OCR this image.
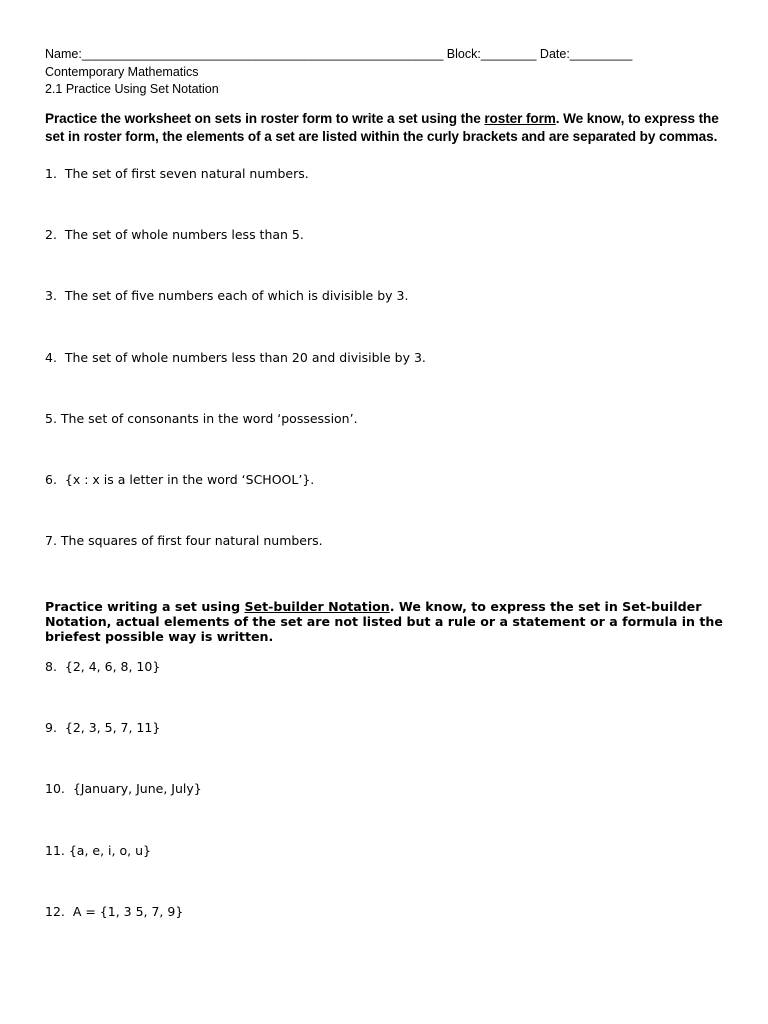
Name:____________________________________________________ Block:________ Date:_________
Contemporary Mathematics
2.1 Practice Using Set Notation
Practice the worksheet on sets in roster form to write a set using the roster form. We know, to express the set in roster form, the elements of a set are listed within the curly brackets and are separated by commas.
1.  The set of first seven natural numbers.
2.  The set of whole numbers less than 5.
3.  The set of five numbers each of which is divisible by 3.
4.  The set of whole numbers less than 20 and divisible by 3.
5. The set of consonants in the word ‘possession’.
6.  {x : x is a letter in the word ‘SCHOOL’}.
7. The squares of first four natural numbers.
Practice writing a set using Set-builder Notation. We know, to express the set in Set-builder Notation, actual elements of the set are not listed but a rule or a statement or a formula in the briefest possible way is written.
8.  {2, 4, 6, 8, 10}
9.  {2, 3, 5, 7, 11}
10.  {January, June, July}
11. {a, e, i, o, u}
12.  A = {1, 3 5, 7, 9}
